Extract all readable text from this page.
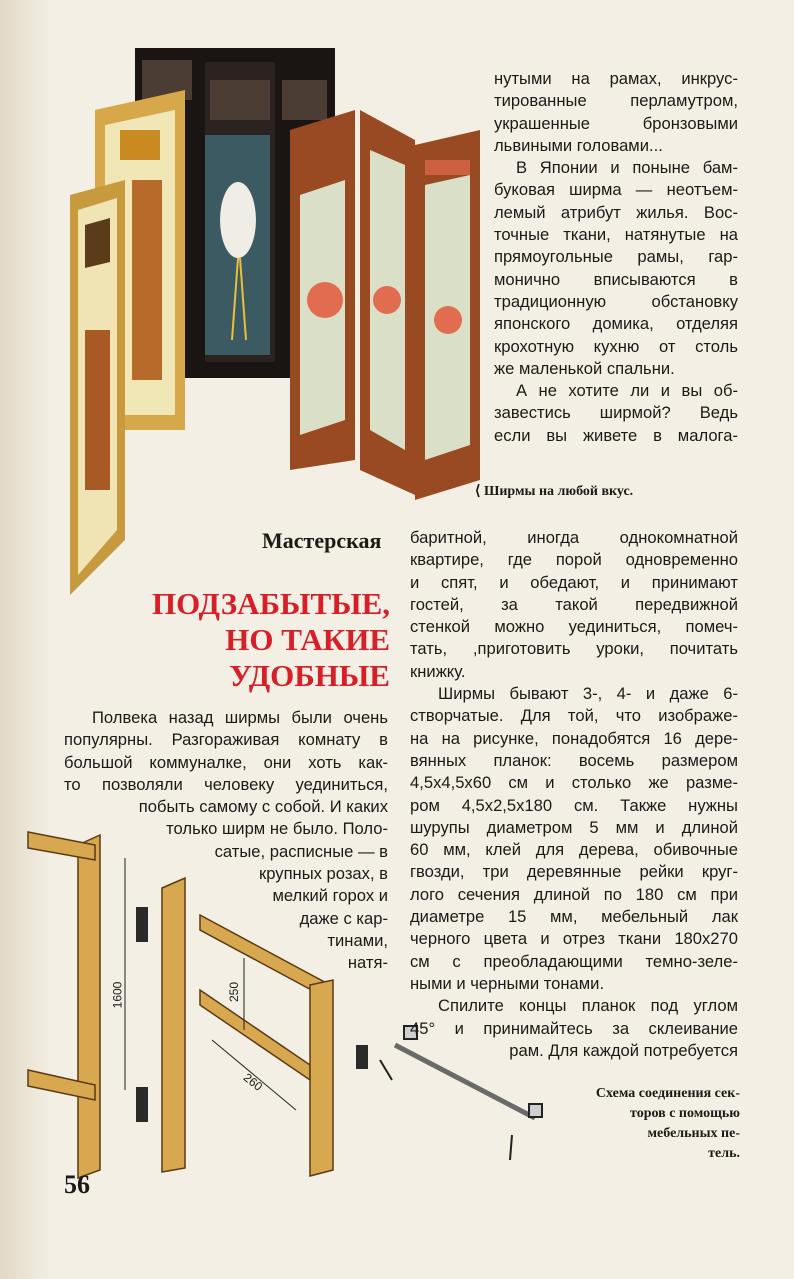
1600	250
260
нутыми на рамах, инкрус-
тированные перламутром,
украшенные бронзовыми
львиными головами...
В Японии и поныне бам-
буковая ширма — неотъем-
лемый атрибут жилья. Вос-
точные ткани, натянутые на
прямоугольные рамы, гар-
монично вписываются в
традиционную обстановку
японского домика, отделяя
крохотную кухню от столь
же маленькой спальни.
А не хотите ли и вы об-
завестись ширмой? Ведь
если вы живете в малога-
⟨ Ширмы на любой вкус.
Мастерская
ПОДЗАБЫТЫЕ,
НО ТАКИЕ
УДОБНЫЕ
баритной, иногда однокомнатной
квартире, где порой одновременно
и спят, и обедают, и принимают
гостей, за такой передвижной
стенкой можно уединиться, помеч-
тать, ,приготовить уроки, почитать
книжку.
Ширмы бывают 3-, 4- и даже 6-
створчатые. Для той, что изображе-
на на рисунке, понадобятся 16 дере-
вянных планок: восемь размером
4,5х4,5х60 см и столько же разме-
ром 4,5х2,5х180 см. Также нужны
шурупы диаметром 5 мм и длиной
60 мм, клей для дерева, обивочные
гвозди, три деревянные рейки круг-
лого сечения длиной по 180 см при
диаметре 15 мм, мебельный лак
черного цвета и отрез ткани 180х270
см с преобладающими темно-зеле-
ными и черными тонами.
Спилите концы планок под углом
45° и принимайтесь за склеивание
рам. Для каждой потребуется
Полвека назад ширмы были очень
популярны. Разгораживая комнату в
большой коммуналке, они хоть как-
то позволяли человеку уединиться,
побыть самому с собой. И каких
только ширм не было. Поло-
сатые, расписные — в
крупных розах, в
мелкий горох и
даже с кар-
тинами,
натя-
Схема соединения сек-
торов с помощью
мебельных пе-
тель.
56
